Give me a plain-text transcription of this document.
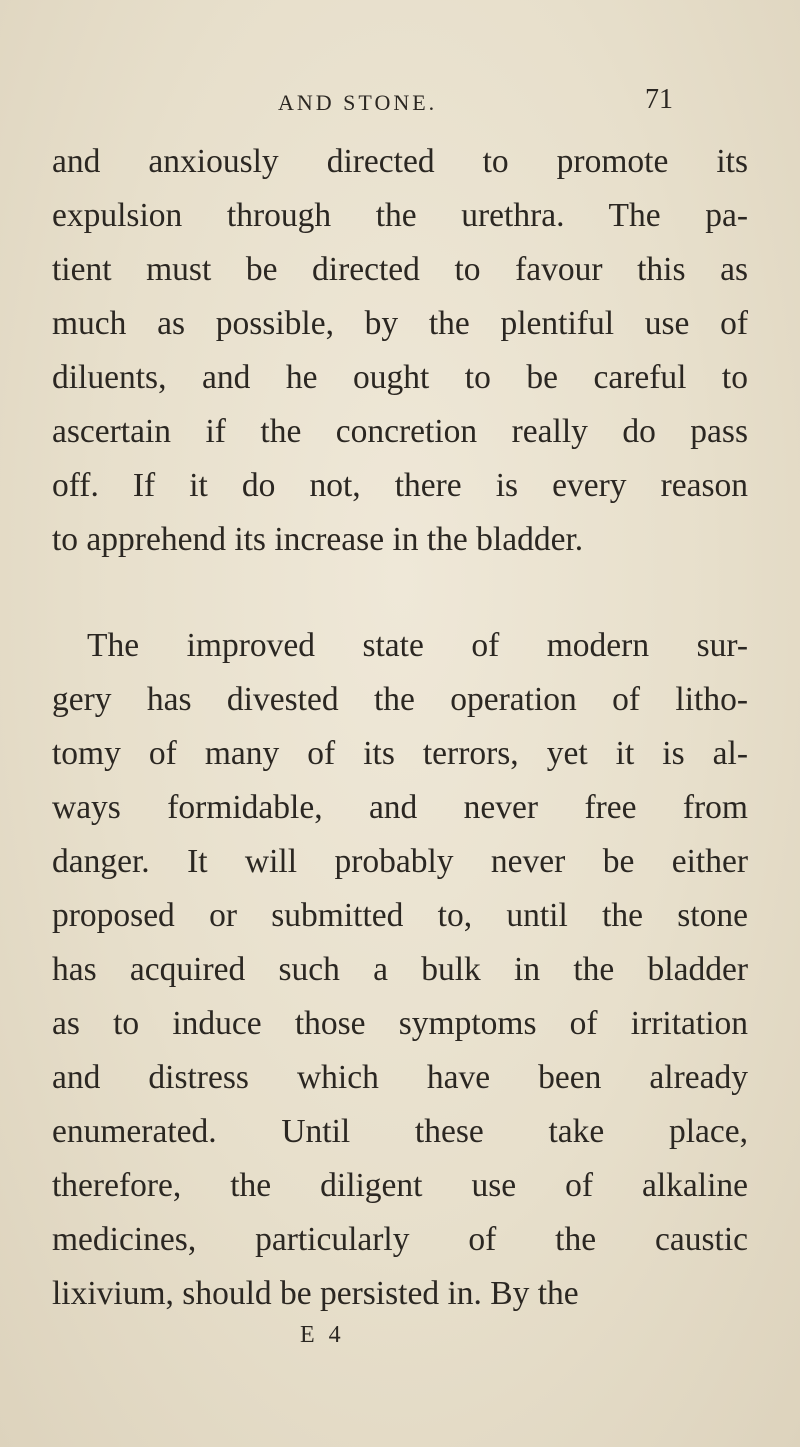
AND STONE.	71
and anxiously directed to promote its
expulsion through the urethra. The pa-
tient must be directed to favour this as
much as possible, by the plentiful use of
diluents, and he ought to be careful to
ascertain if the concretion really do pass
off. If it do not, there is every reason
to apprehend its increase in the bladder.
The improved state of modern sur-
gery has divested the operation of litho-
tomy of many of its terrors, yet it is al-
ways formidable, and never free from
danger. It will probably never be either
proposed or submitted to, until the stone
has acquired such a bulk in the bladder
as to induce those symptoms of irritation
and distress which have been already
enumerated. Until these take place,
therefore, the diligent use of alkaline
medicines, particularly of the caustic
E 4
lixivium, should be persisted in. By the
